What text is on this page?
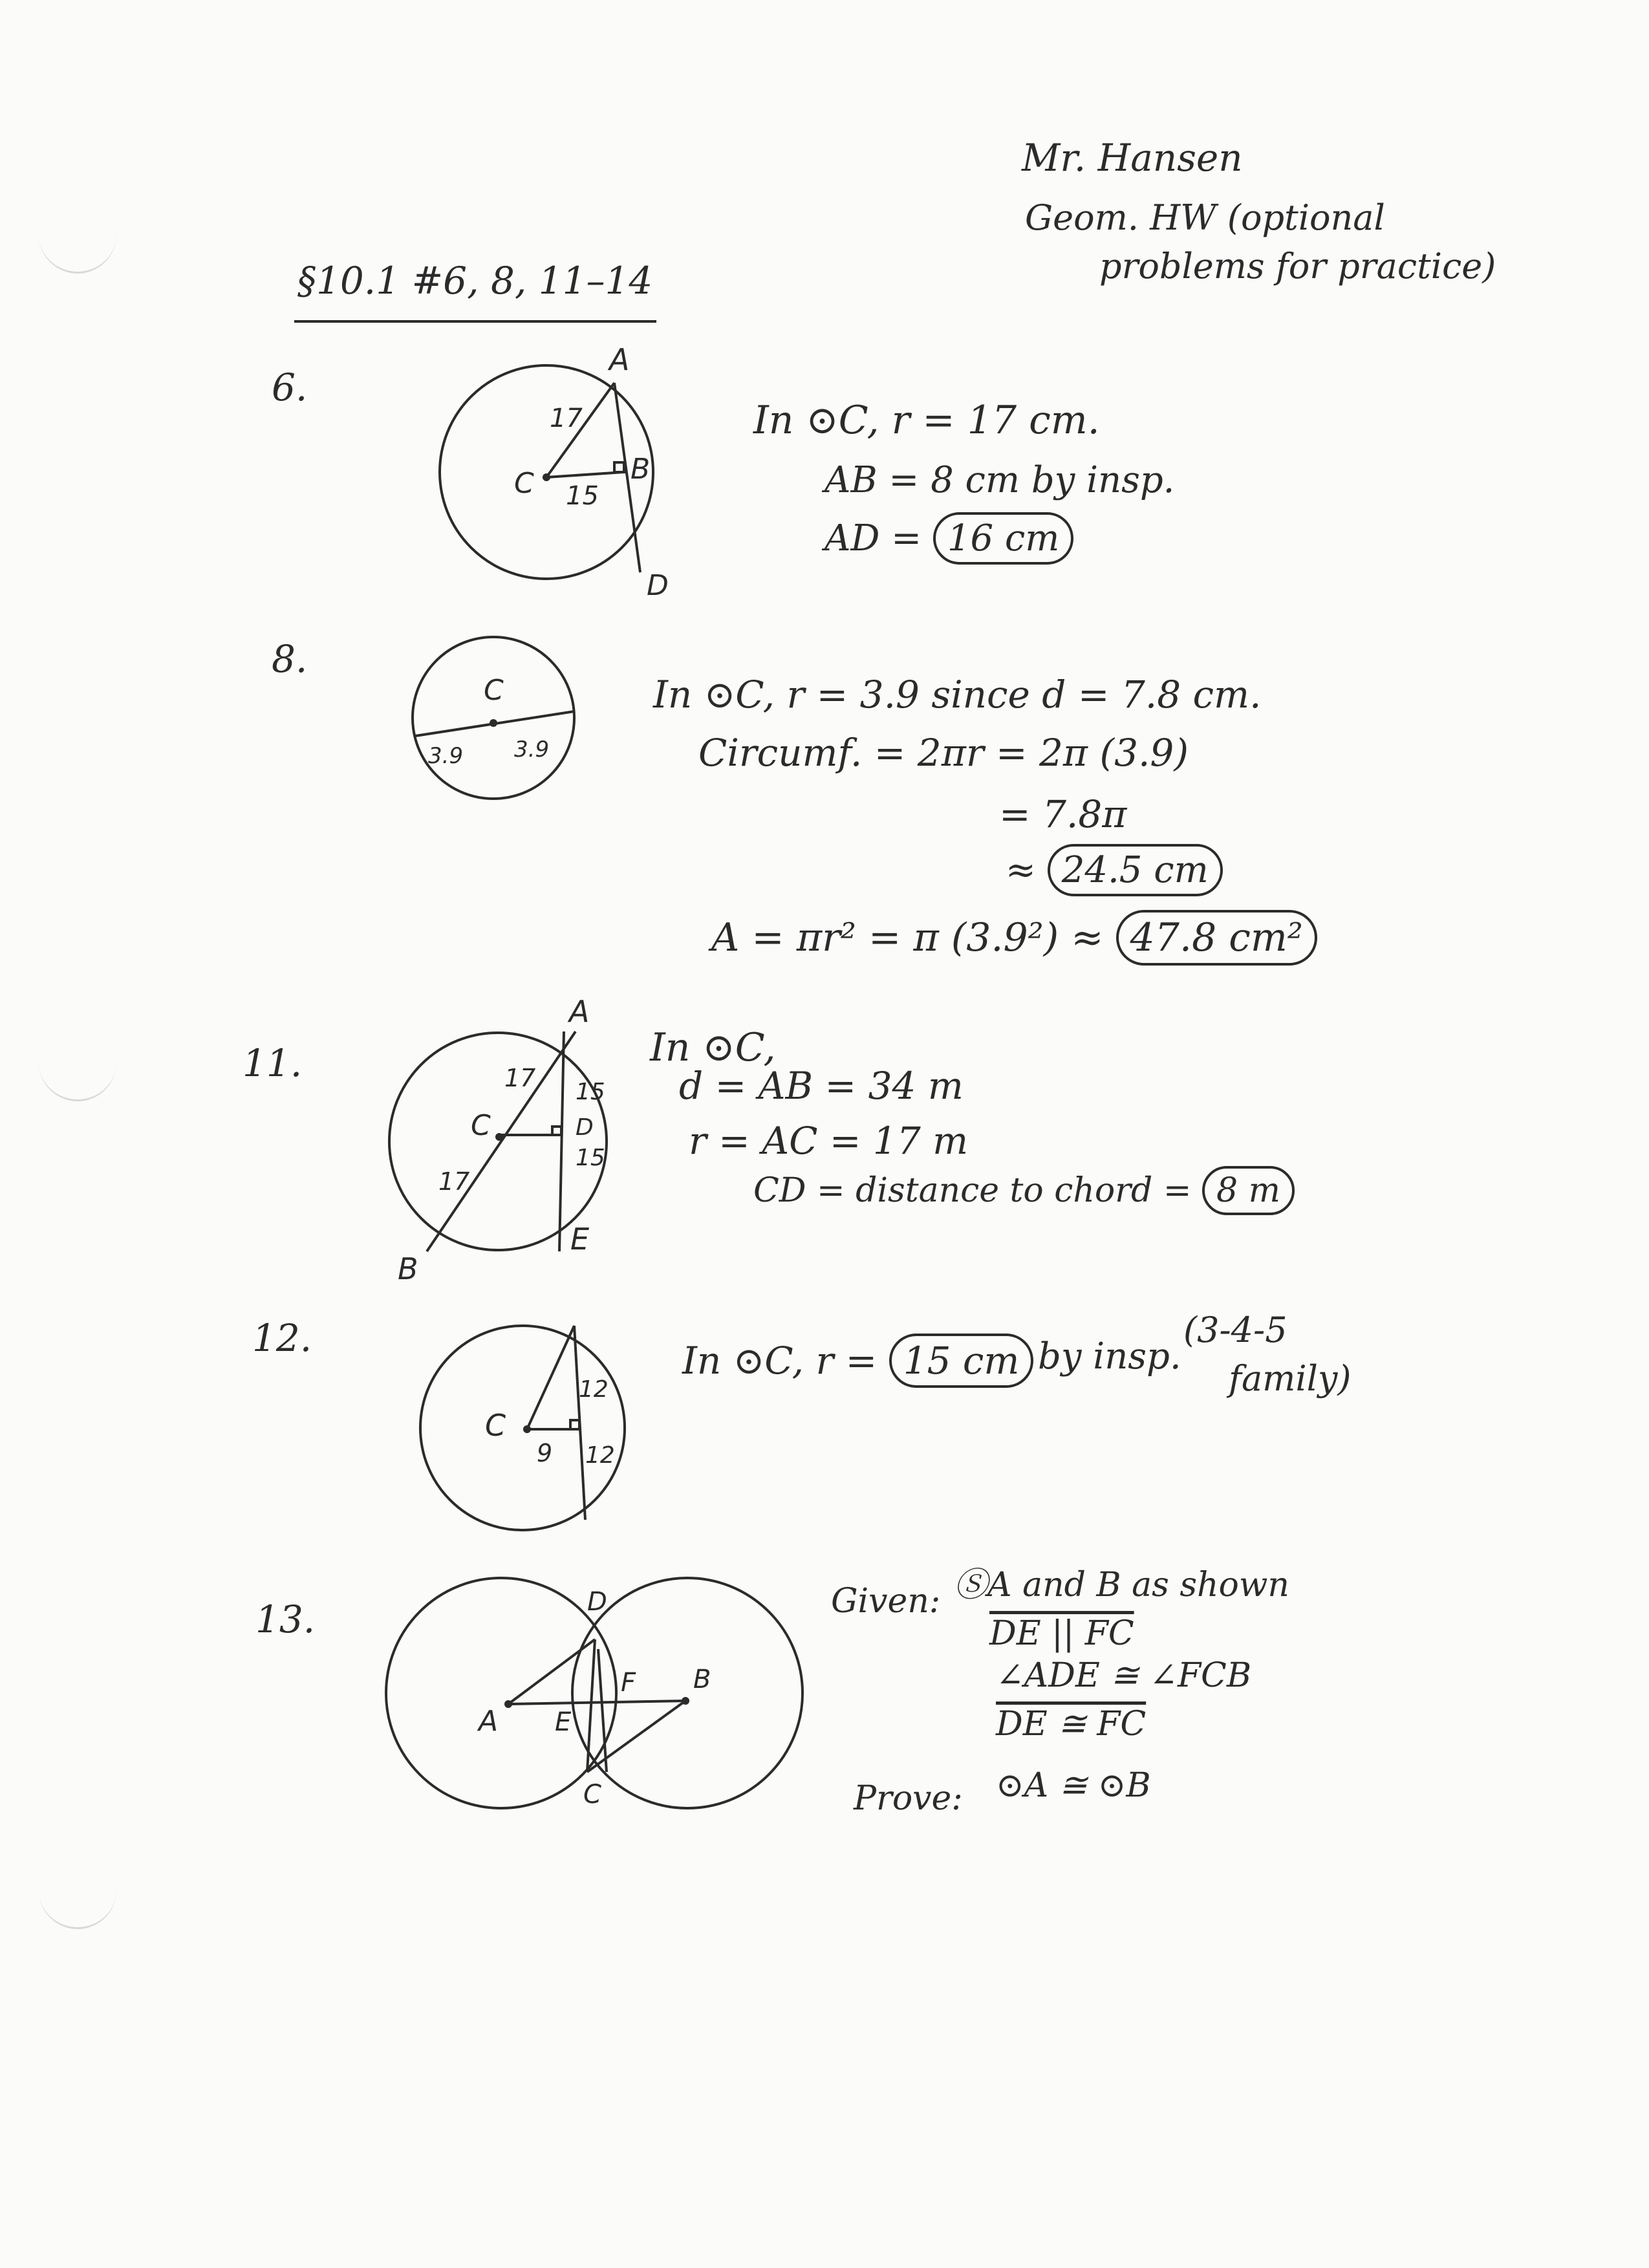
Mr. Hansen
Geom. HW (optional
problems for practice)
§10.1 #6, 8, 11–14
6.
A
17
C 15
B
D
In ⊙C, r = 17 cm.
AB = 8 cm by insp.
AD = 16 cm
8.
C
3.9 3.9
In ⊙C, r = 3.9 since d = 7.8 cm.
Circumf. = 2πr = 2π (3.9)
= 7.8π
≈ 24.5 cm
A = πr² = π (3.9²) ≈ 47.8 cm²
11.
A
17 15
C	D
15
17
B
E
In ⊙C,
d = AB = 34 m
r = AC = 17 m
CD = distance to chord = 8 m
12.
12
C
9 12
In ⊙C, r = 15 cm by insp.
(3-4-5
family)
13.	D
F B
A E
C
Given: ⓈA and B as shown
DE || FC
∠ADE ≅ ∠FCB
DE ≅ FC
Prove: ⊙A ≅ ⊙B
